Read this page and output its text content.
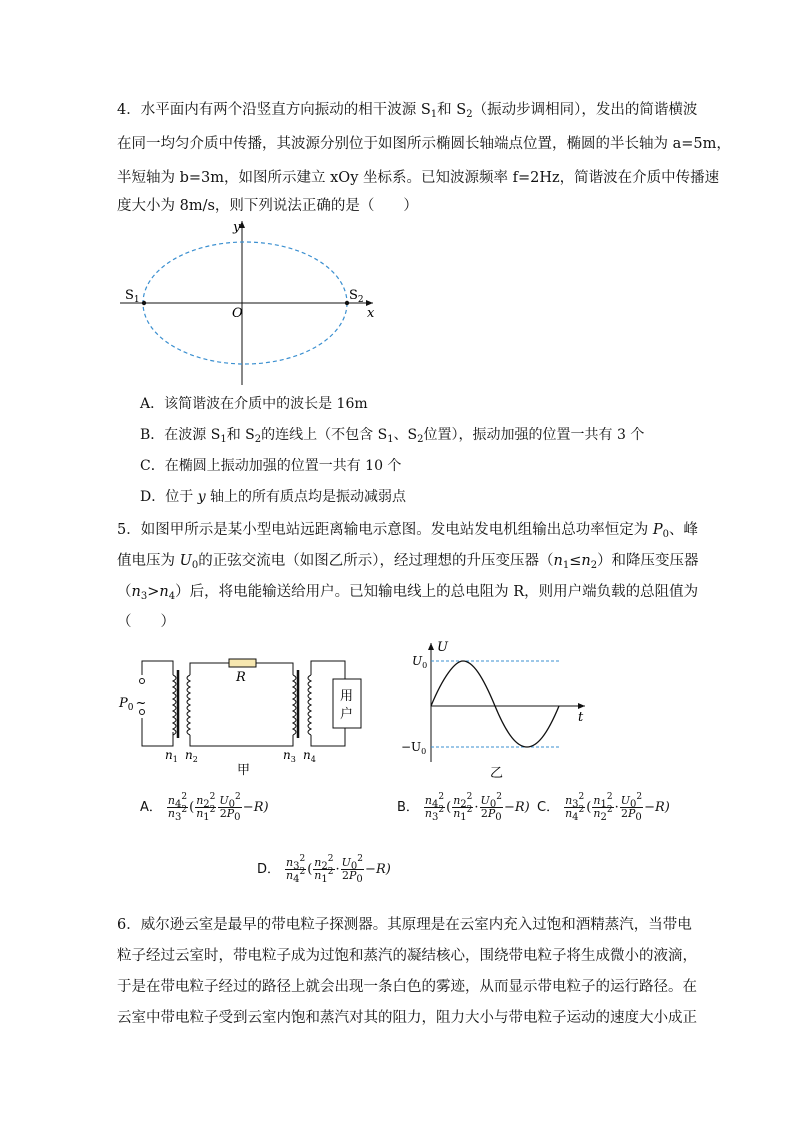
4．水平面内有两个沿竖直方向振动的相干波源 $S_1$和 $S_2$（振动步调相同），发出的简谐横波
在同一均匀介质中传播，其波源分别位于如图所示椭圆长轴端点位置，椭圆的半长轴为 a=5m，
半短轴为 b=3m，如图所示建立 xOy 坐标系。已知波源频率 f=2Hz，简谐波在介质中传播速
度大小为 8m/s，则下列说法正确的是（　　）
y
x
O
$S_1$	$S_2$
A．该简谐波在介质中的波长是 16m
B．在波源 $S_1$和 $S_2$的连线上（不包含 $S_1$、$S_2$位置），振动加强的位置一共有 3 个
C．在椭圆上振动加强的位置一共有 10 个
D．位于 y 轴上的所有质点均是振动减弱点
5．如图甲所示是某小型电站远距离输电示意图。发电站发电机组输出总功率恒定为 $P_0$、峰
值电压为 $U_0$的正弦交流电（如图乙所示），经过理想的升压变压器$(n_1\le n_2)$和降压变压器
$(n_3>n_4)$后，将电能输送给用户。已知输电线上的总电阻为 R，则用户端负载的总阻值为
（　　）
R
$P_0$ ~	用
户
$n_1$ $n_2$	$n_3$ $n_4$
甲
U
t
$U_0$
$-U_0$
乙
A． $\frac{n_4^2}{n_3^2}$ ( $\frac{n_2^2}{n_1^2} \frac{U_0^2}{2P_0} -R$)	B． $\frac{n_4^2}{n_3^2}$ ( $\frac{n_2^2}{n_1^2} \cdot \frac{U_0^2}{2P_0} -R$) C． $\frac{n_3^2}{n_4^2}$ ( $\frac{n_1^2}{n_2^2} \cdot \frac{U_0^2}{2P_0} -R$)
D． $\frac{n_3^2}{n_4^2}$ ( $\frac{n_2^2}{n_1^2} \cdot \frac{U_0^2}{2P_0} -R$)
6．威尔逊云室是最早的带电粒子探测器。其原理是在云室内充入过饱和酒精蒸汽，当带电
粒子经过云室时，带电粒子成为过饱和蒸汽的凝结核心，围绕带电粒子将生成微小的液滴，
于是在带电粒子经过的路径上就会出现一条白色的雾迹，从而显示带电粒子的运行路径。在
云室中带电粒子受到云室内饱和蒸汽对其的阻力，阻力大小与带电粒子运动的速度大小成正
